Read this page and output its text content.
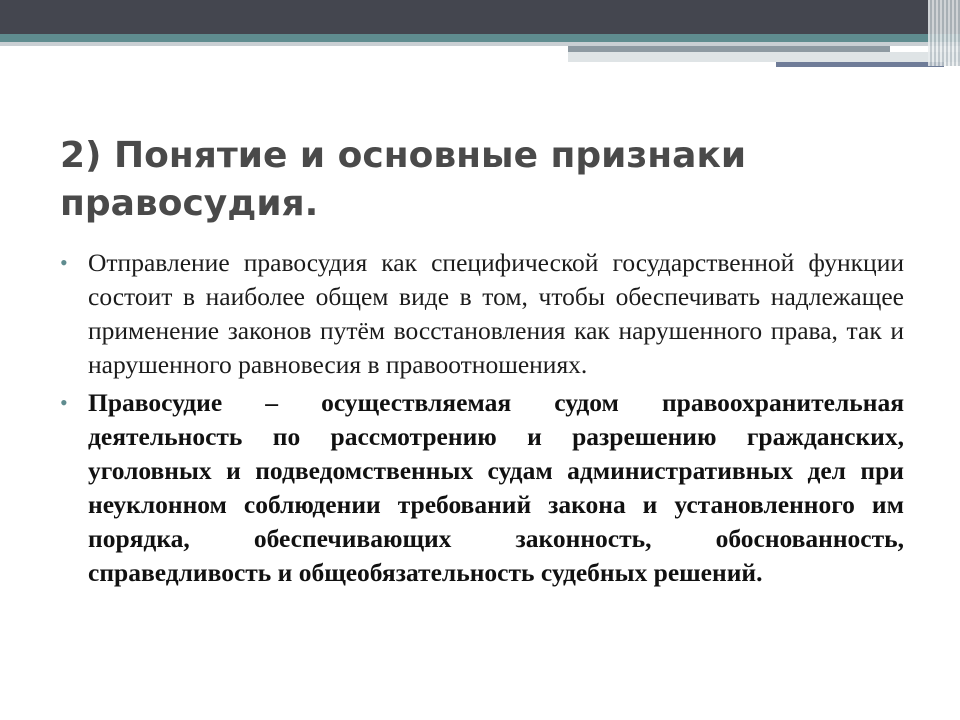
2) Понятие и основные признаки правосудия.
• Отправление правосудия как специфической государственной функции состоит в наиболее общем виде в том, чтобы обеспечивать надлежащее применение законов путём восстановления как нарушенного права, так и нарушенного равновесия в правоотношениях.
• Правосудие – осуществляемая судом правоохранительная деятельность по рассмотрению и разрешению гражданских, уголовных и подведомственных судам административных дел при неуклонном соблюдении требований закона и установленного им порядка, обеспечивающих законность, обоснованность, справедливость и общеобязательность судебных решений.
